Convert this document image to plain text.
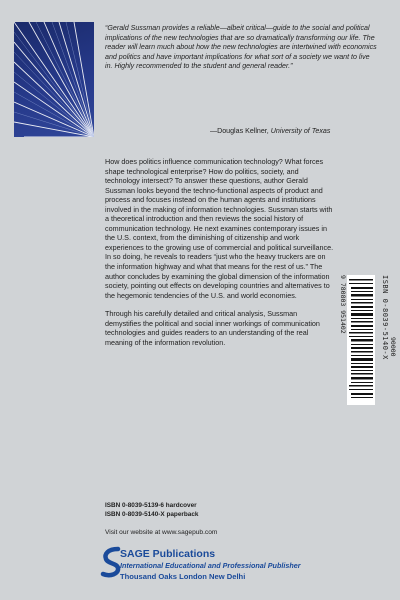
“Gerald Sussman provides a reliable—albeit critical—guide to the social and political implications of the new technologies that are so dramatically transforming our life. The reader will learn much about how the new technologies are intertwined with economics and politics and have important implications for what sort of a society we want to live in. Highly recommended to the student and general reader.”
—Douglas Kellner, University of Texas

How does politics influence communication technology? What forces shape technological enterprise? How do politics, society, and technology intersect? To answer these questions, author Gerald Sussman looks beyond the techno-functional aspects of product and process and focuses instead on the human agents and institutions involved in the making of information technologies. Sussman starts with a theoretical introduction and then reviews the social history of communication technology. He next examines contemporary issues in the U.S. context, from the diminishing of citizenship and work experiences to the growing use of commercial and political surveillance. In so doing, he reveals to readers “just who the heavy truckers are on the information highway and what that means for the rest of us.” The author concludes by examining the global dimension of the information society, pointing out effects on developing countries and alternatives to the hegemonic tendencies of the U.S. and world economies.

Through his carefully detailed and critical analysis, Sussman demystifies the political and social inner workings of communication technologies and guides readers to an understanding of the real meaning of the information revolution.

ISBN 0-8039-5139-6 hardcover
ISBN 0-8039-5140-X paperback
Visit our website at www.sagepub.com
SAGE Publications
International Educational and Professional Publisher
Thousand Oaks London New Delhi
9 780803 951402	ISBN 0-8039-5140-X 90000
